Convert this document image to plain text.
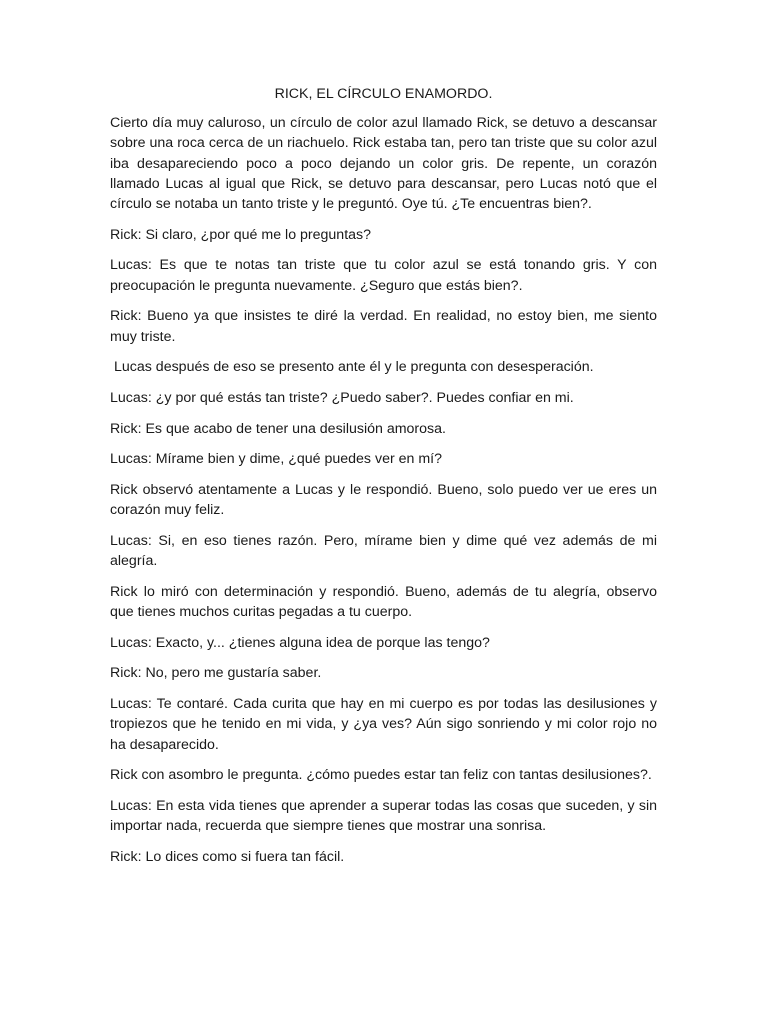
RICK, EL CÍRCULO ENAMORDO.

Cierto día muy caluroso, un círculo de color azul llamado Rick, se detuvo a descansar sobre una roca cerca de un riachuelo. Rick estaba tan, pero tan triste que su color azul iba desapareciendo poco a poco dejando un color gris. De repente, un corazón llamado Lucas al igual que Rick, se detuvo para descansar, pero Lucas notó que el círculo se notaba un tanto triste y le preguntó. Oye tú. ¿Te encuentras bien?.

Rick: Si claro, ¿por qué me lo preguntas?

Lucas: Es que te notas tan triste que tu color azul se está tonando gris. Y con preocupación le pregunta nuevamente. ¿Seguro que estás bien?.

Rick: Bueno ya que insistes te diré la verdad. En realidad, no estoy bien, me siento muy triste.

Lucas después de eso se presento ante él y le pregunta con desesperación.

Lucas: ¿y por qué estás tan triste? ¿Puedo saber?. Puedes confiar en mi.

Rick: Es que acabo de tener una desilusión amorosa.

Lucas: Mírame bien y dime, ¿qué puedes ver en mí?

Rick observó atentamente a Lucas y le respondió. Bueno, solo puedo ver ue eres un corazón muy feliz.

Lucas: Si, en eso tienes razón. Pero, mírame bien y dime qué vez además de mi alegría.

Rick lo miró con determinación y respondió. Bueno, además de tu alegría, observo que tienes muchos curitas pegadas a tu cuerpo.

Lucas: Exacto, y... ¿tienes alguna idea de porque las tengo?

Rick: No, pero me gustaría saber.

Lucas: Te contaré. Cada curita que hay en mi cuerpo es por todas las desilusiones y tropiezos que he tenido en mi vida, y ¿ya ves? Aún sigo sonriendo y mi color rojo no ha desaparecido.

Rick con asombro le pregunta. ¿cómo puedes estar tan feliz con tantas desilusiones?.

Lucas: En esta vida tienes que aprender a superar todas las cosas que suceden, y sin importar nada, recuerda que siempre tienes que mostrar una sonrisa.

Rick: Lo dices como si fuera tan fácil.
